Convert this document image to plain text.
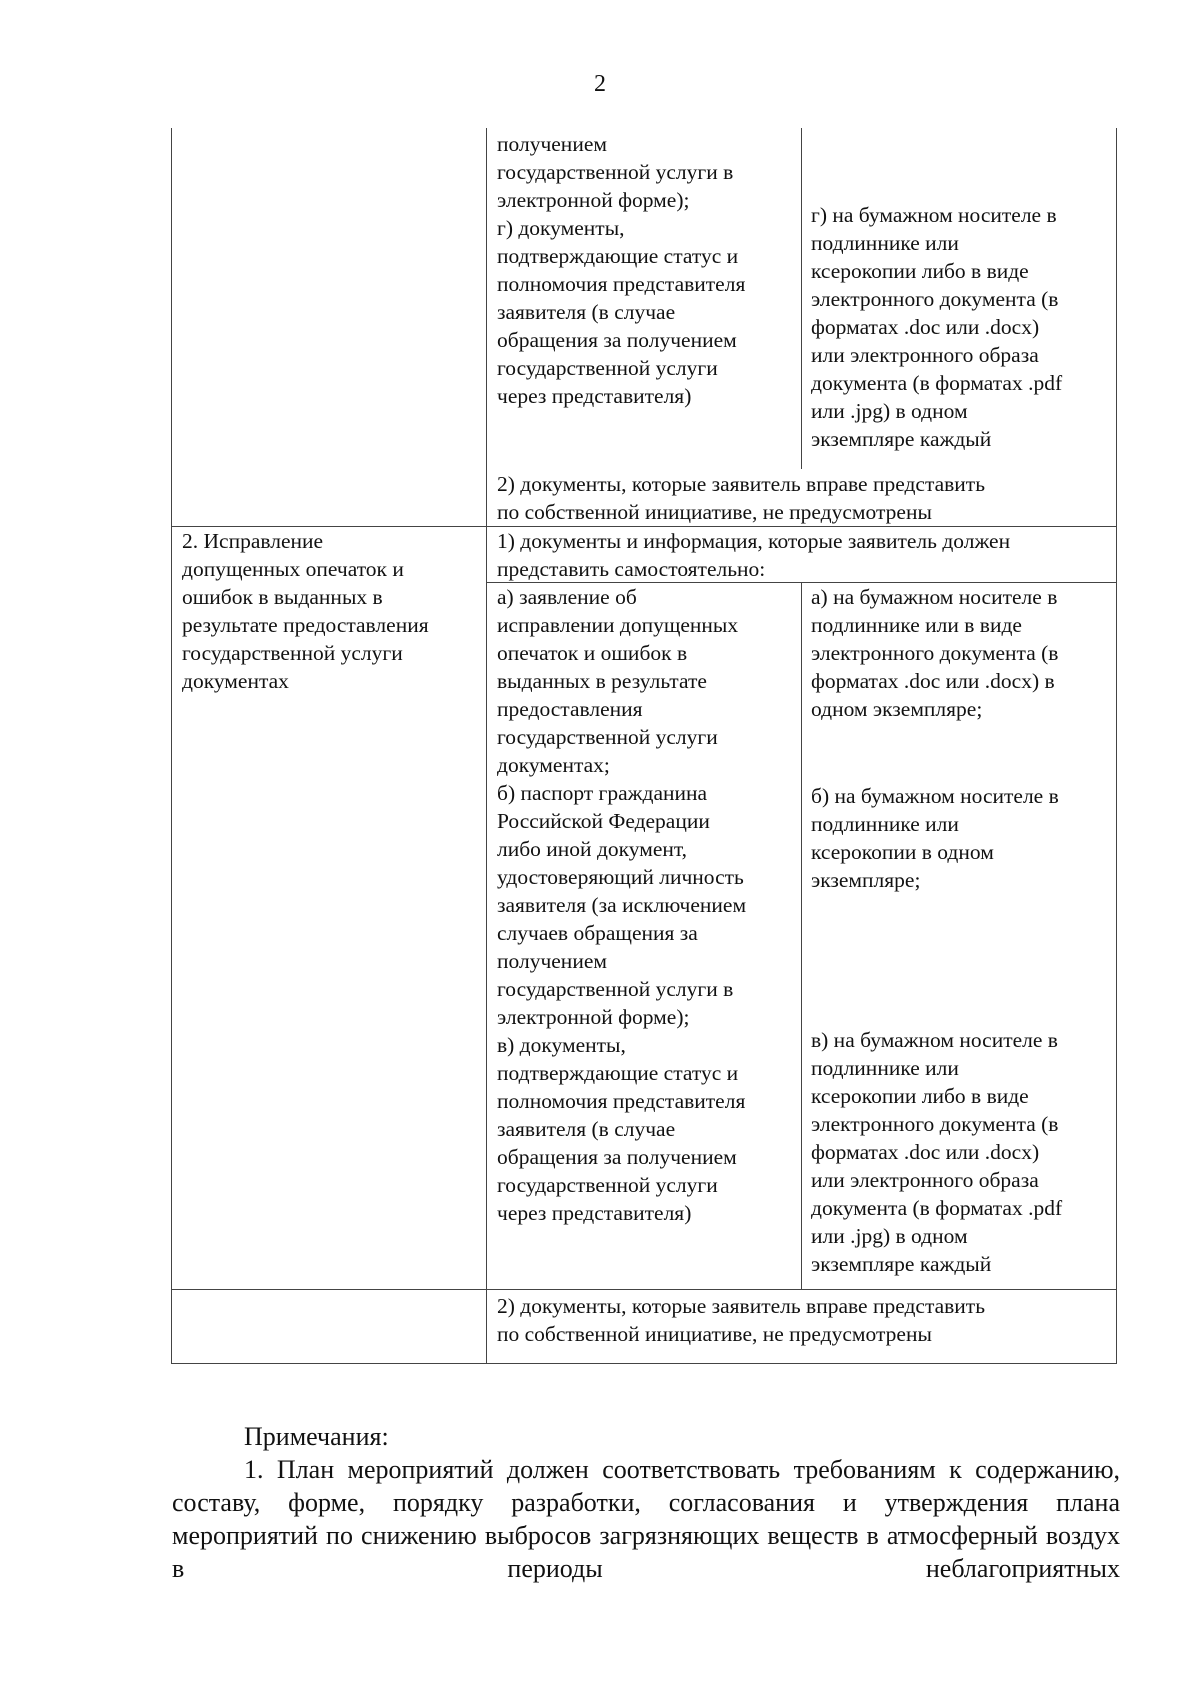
2
получением
государственной услуги в
электронной форме);
г) документы,
подтверждающие статус и
полномочия представителя
заявителя (в случае
обращения за получением
государственной услуги
через представителя)
г) на бумажном носителе в
подлиннике или
ксерокопии либо в виде
электронного документа (в
форматах .doc или .docx)
или электронного образа
документа (в форматах .pdf
или .jpg) в одном
экземпляре каждый
2) документы, которые заявитель вправе представить
по собственной инициативе, не предусмотрены
2. Исправление
допущенных опечаток и
ошибок в выданных в
результате предоставления
государственной услуги
документах
1) документы и информация, которые заявитель должен
представить самостоятельно:
а) заявление об
исправлении допущенных
опечаток и ошибок в
выданных в результате
предоставления
государственной услуги
документах;
б) паспорт гражданина
Российской Федерации
либо иной документ,
удостоверяющий личность
заявителя (за исключением
случаев обращения за
получением
государственной услуги в
электронной форме);
в) документы,
подтверждающие статус и
полномочия представителя
заявителя (в случае
обращения за получением
государственной услуги
через представителя)
а) на бумажном носителе в
подлиннике или в виде
электронного документа (в
форматах .doc или .docx) в
одном экземпляре;
б) на бумажном носителе в
подлиннике или
ксерокопии в одном
экземпляре;
в) на бумажном носителе в
подлиннике или
ксерокопии либо в виде
электронного документа (в
форматах .doc или .docx)
или электронного образа
документа (в форматах .pdf
или .jpg) в одном
экземпляре каждый
2) документы, которые заявитель вправе представить
по собственной инициативе, не предусмотрены
Примечания:
1. План мероприятий должен соответствовать требованиям к содержанию, составу, форме, порядку разработки, согласования и утверждения плана мероприятий по снижению выбросов загрязняющих веществ в атмосферный воздух в периоды неблагоприятных
